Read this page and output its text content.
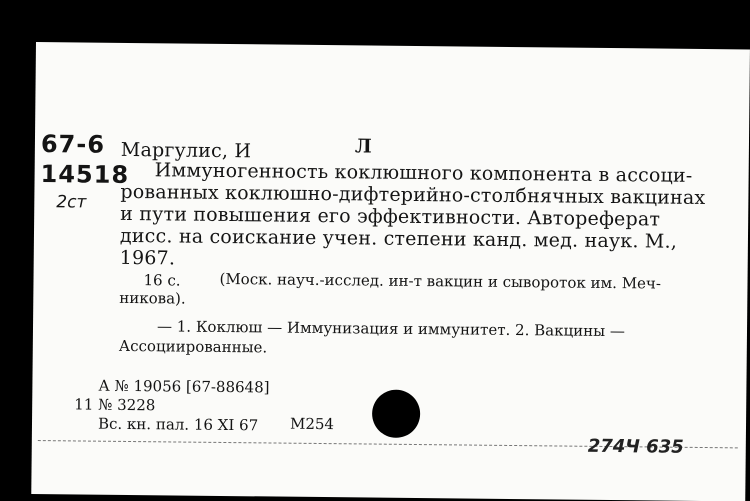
67-6
14518
2ст
Маргулис, И	Л
Иммуногенность коклюшного компонента в ассоци-
рованных коклюшно-дифтерийно-столбнячных вакцинах
и пути повышения его эффективности. Автореферат
дисс. на соискание учен. степени канд. мед. наук. М.,
1967.
16 с.	(Моск. науч.-исслед. ин-т вакцин и сывороток им. Меч-
никова).
— 1. Коклюш — Иммунизация и иммунитет. 2. Вакцины —
Ассоциированные.
А № 19056 [67-88648]
11 № 3228
Вс. кн. пал. 16 XI 67 М254
274Ч 635
